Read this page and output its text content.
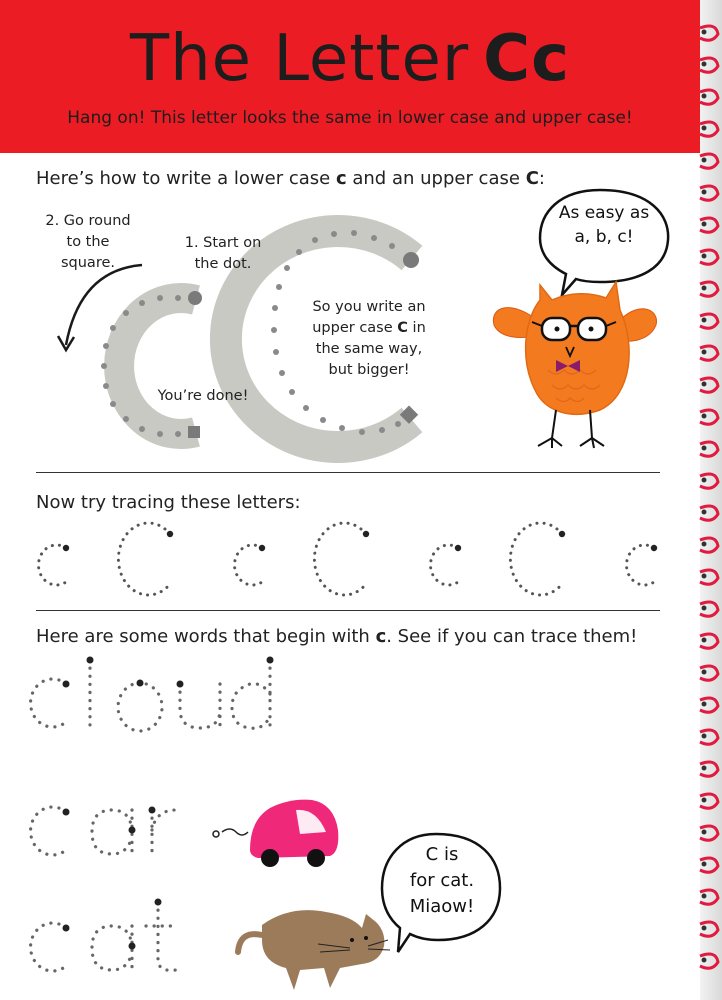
The Letter Cc
Hang on! This letter looks the same in lower case and upper case!
Here’s how to write a lower case c and an upper case C:
2. Go round
to the
square.
1. Start on
the dot.
You’re done!
So you write an
upper case C in
the same way,
but bigger!
As easy as
a, b, c!
Now try tracing these letters:
Here are some words that begin with c. See if you can trace them!
C is
for cat.
Miaow!
